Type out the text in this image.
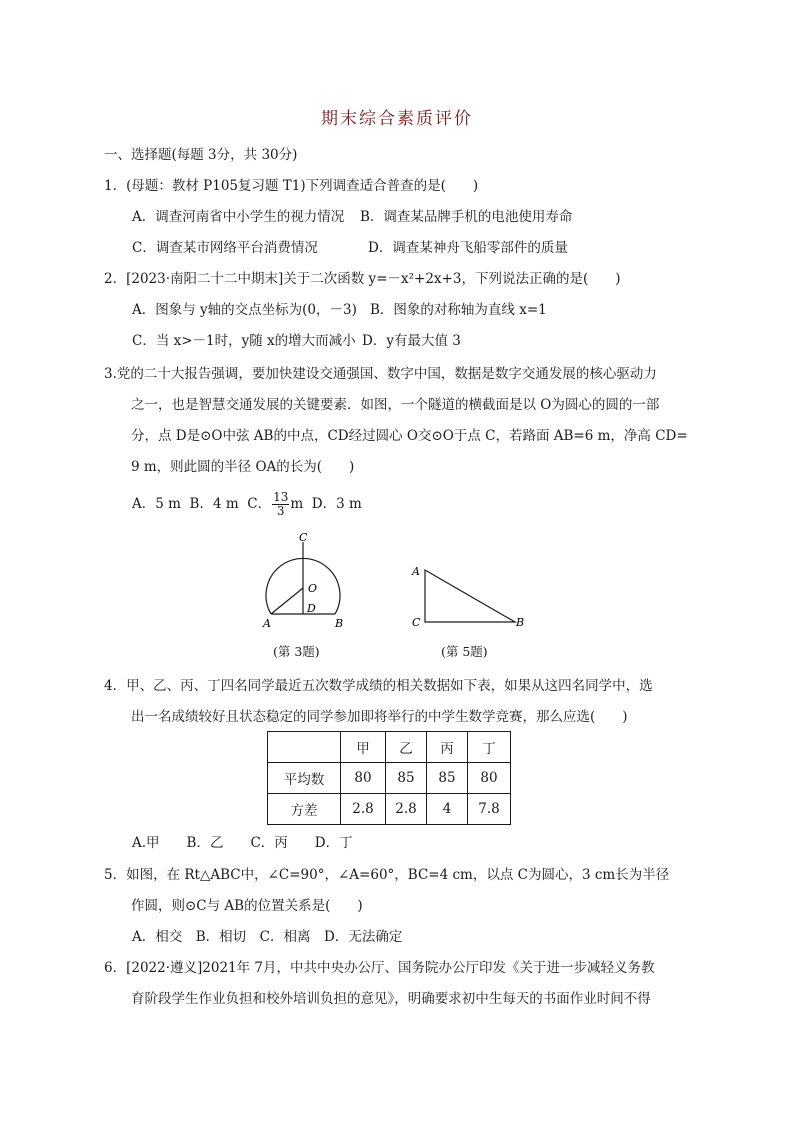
期末综合素质评价
一、选择题(每题 3分，共 30分)
1．(母题：教材 P105复习题 T1)下列调查适合普查的是(　　)
A．调查河南省中小学生的视力情况 B．调查某品牌手机的电池使用寿命
C．调查某市网络平台消费情况	D．调查某神舟飞船零部件的质量
2．[2023·南阳二十二中期末]关于二次函数 y=－x²+2x+3，下列说法正确的是(　　)
A．图象与 y轴的交点坐标为(0，－3) B．图象的对称轴为直线 x=1
C．当 x>－1时，y随 x的增大而减小 D．y有最大值 3
3.党的二十大报告强调，要加快建设交通强国、数字中国，数据是数字交通发展的核心驱动力
之一，也是智慧交通发展的关键要素．如图，一个隧道的横截面是以 O为圆心的圆的一部
分，点 D是⊙O中弦 AB的中点，CD经过圆心 O交⊙O于点 C，若路面 AB=6 m，净高 CD=
9 m，则此圆的半径 OA的长为(　　)
A．5 m B．4 m C． $\frac{13}{3}$ m D．3 m
C
O
D
A	B
(第 3题)
A
C	B
(第 5题)
4．甲、乙、丙、丁四名同学最近五次数学成绩的相关数据如下表，如果从这四名同学中，选
出一名成绩较好且状态稳定的同学参加即将举行的中学生数学竞赛，那么应选(　　)
	甲	乙	丙	丁
平均数	80	85	85	80
方差	2.8	2.8	4	7.8
A.甲　　B．乙　　C．丙　　D．丁
5．如图，在 Rt△ABC中，∠C=90°，∠A=60°，BC=4 cm，以点 C为圆心，3 cm长为半径
作圆，则⊙C与 AB的位置关系是(　　)
A．相交　B．相切　C．相离　D．无法确定
6．[2022·遵义]2021年 7月，中共中央办公厅、国务院办公厅印发《关于进一步减轻义务教
育阶段学生作业负担和校外培训负担的意见》，明确要求初中生每天的书面作业时间不得
